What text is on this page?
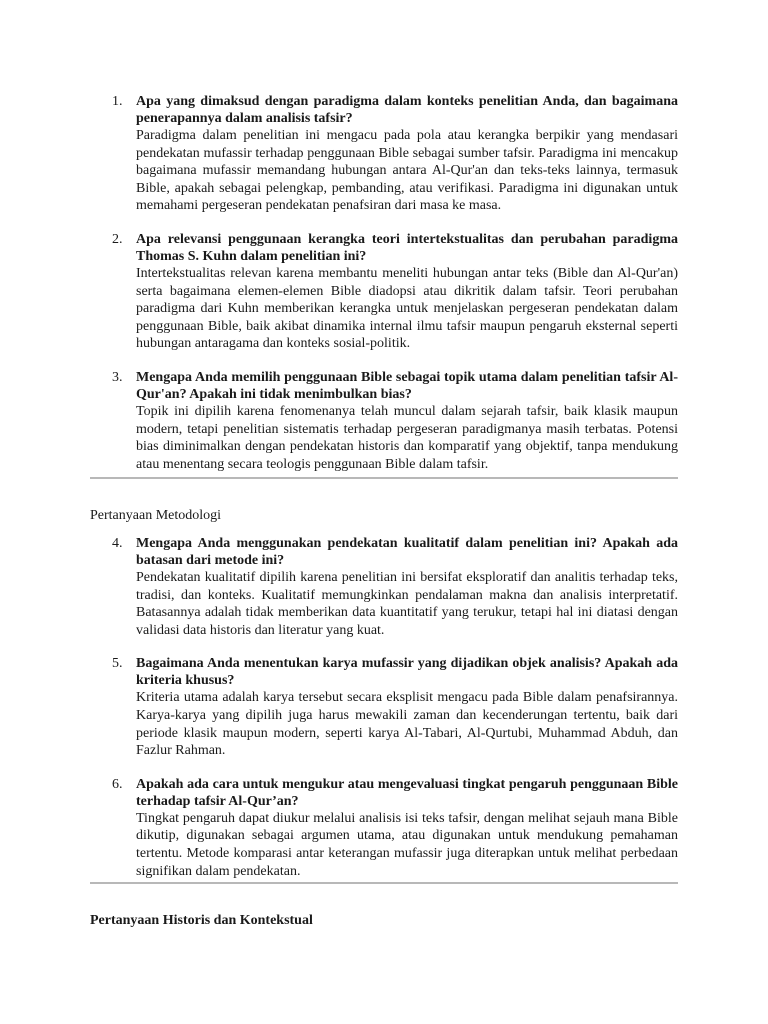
1. Apa yang dimaksud dengan paradigma dalam konteks penelitian Anda, dan bagaimana penerapannya dalam analisis tafsir?
Paradigma dalam penelitian ini mengacu pada pola atau kerangka berpikir yang mendasari pendekatan mufassir terhadap penggunaan Bible sebagai sumber tafsir. Paradigma ini mencakup bagaimana mufassir memandang hubungan antara Al-Qur'an dan teks-teks lainnya, termasuk Bible, apakah sebagai pelengkap, pembanding, atau verifikasi. Paradigma ini digunakan untuk memahami pergeseran pendekatan penafsiran dari masa ke masa.
2. Apa relevansi penggunaan kerangka teori intertekstualitas dan perubahan paradigma Thomas S. Kuhn dalam penelitian ini?
Intertekstualitas relevan karena membantu meneliti hubungan antar teks (Bible dan Al-Qur'an) serta bagaimana elemen-elemen Bible diadopsi atau dikritik dalam tafsir. Teori perubahan paradigma dari Kuhn memberikan kerangka untuk menjelaskan pergeseran pendekatan dalam penggunaan Bible, baik akibat dinamika internal ilmu tafsir maupun pengaruh eksternal seperti hubungan antaragama dan konteks sosial-politik.
3. Mengapa Anda memilih penggunaan Bible sebagai topik utama dalam penelitian tafsir Al-Qur'an? Apakah ini tidak menimbulkan bias?
Topik ini dipilih karena fenomenanya telah muncul dalam sejarah tafsir, baik klasik maupun modern, tetapi penelitian sistematis terhadap pergeseran paradigmanya masih terbatas. Potensi bias diminimalkan dengan pendekatan historis dan komparatif yang objektif, tanpa mendukung atau menentang secara teologis penggunaan Bible dalam tafsir.
Pertanyaan Metodologi
4. Mengapa Anda menggunakan pendekatan kualitatif dalam penelitian ini? Apakah ada batasan dari metode ini?
Pendekatan kualitatif dipilih karena penelitian ini bersifat eksploratif dan analitis terhadap teks, tradisi, dan konteks. Kualitatif memungkinkan pendalaman makna dan analisis interpretatif. Batasannya adalah tidak memberikan data kuantitatif yang terukur, tetapi hal ini diatasi dengan validasi data historis dan literatur yang kuat.
5. Bagaimana Anda menentukan karya mufassir yang dijadikan objek analisis? Apakah ada kriteria khusus?
Kriteria utama adalah karya tersebut secara eksplisit mengacu pada Bible dalam penafsirannya. Karya-karya yang dipilih juga harus mewakili zaman dan kecenderungan tertentu, baik dari periode klasik maupun modern, seperti karya Al-Tabari, Al-Qurtubi, Muhammad Abduh, dan Fazlur Rahman.
6. Apakah ada cara untuk mengukur atau mengevaluasi tingkat pengaruh penggunaan Bible terhadap tafsir Al-Qur’an?
Tingkat pengaruh dapat diukur melalui analisis isi teks tafsir, dengan melihat sejauh mana Bible dikutip, digunakan sebagai argumen utama, atau digunakan untuk mendukung pemahaman tertentu. Metode komparasi antar keterangan mufassir juga diterapkan untuk melihat perbedaan signifikan dalam pendekatan.
Pertanyaan Historis dan Kontekstual
